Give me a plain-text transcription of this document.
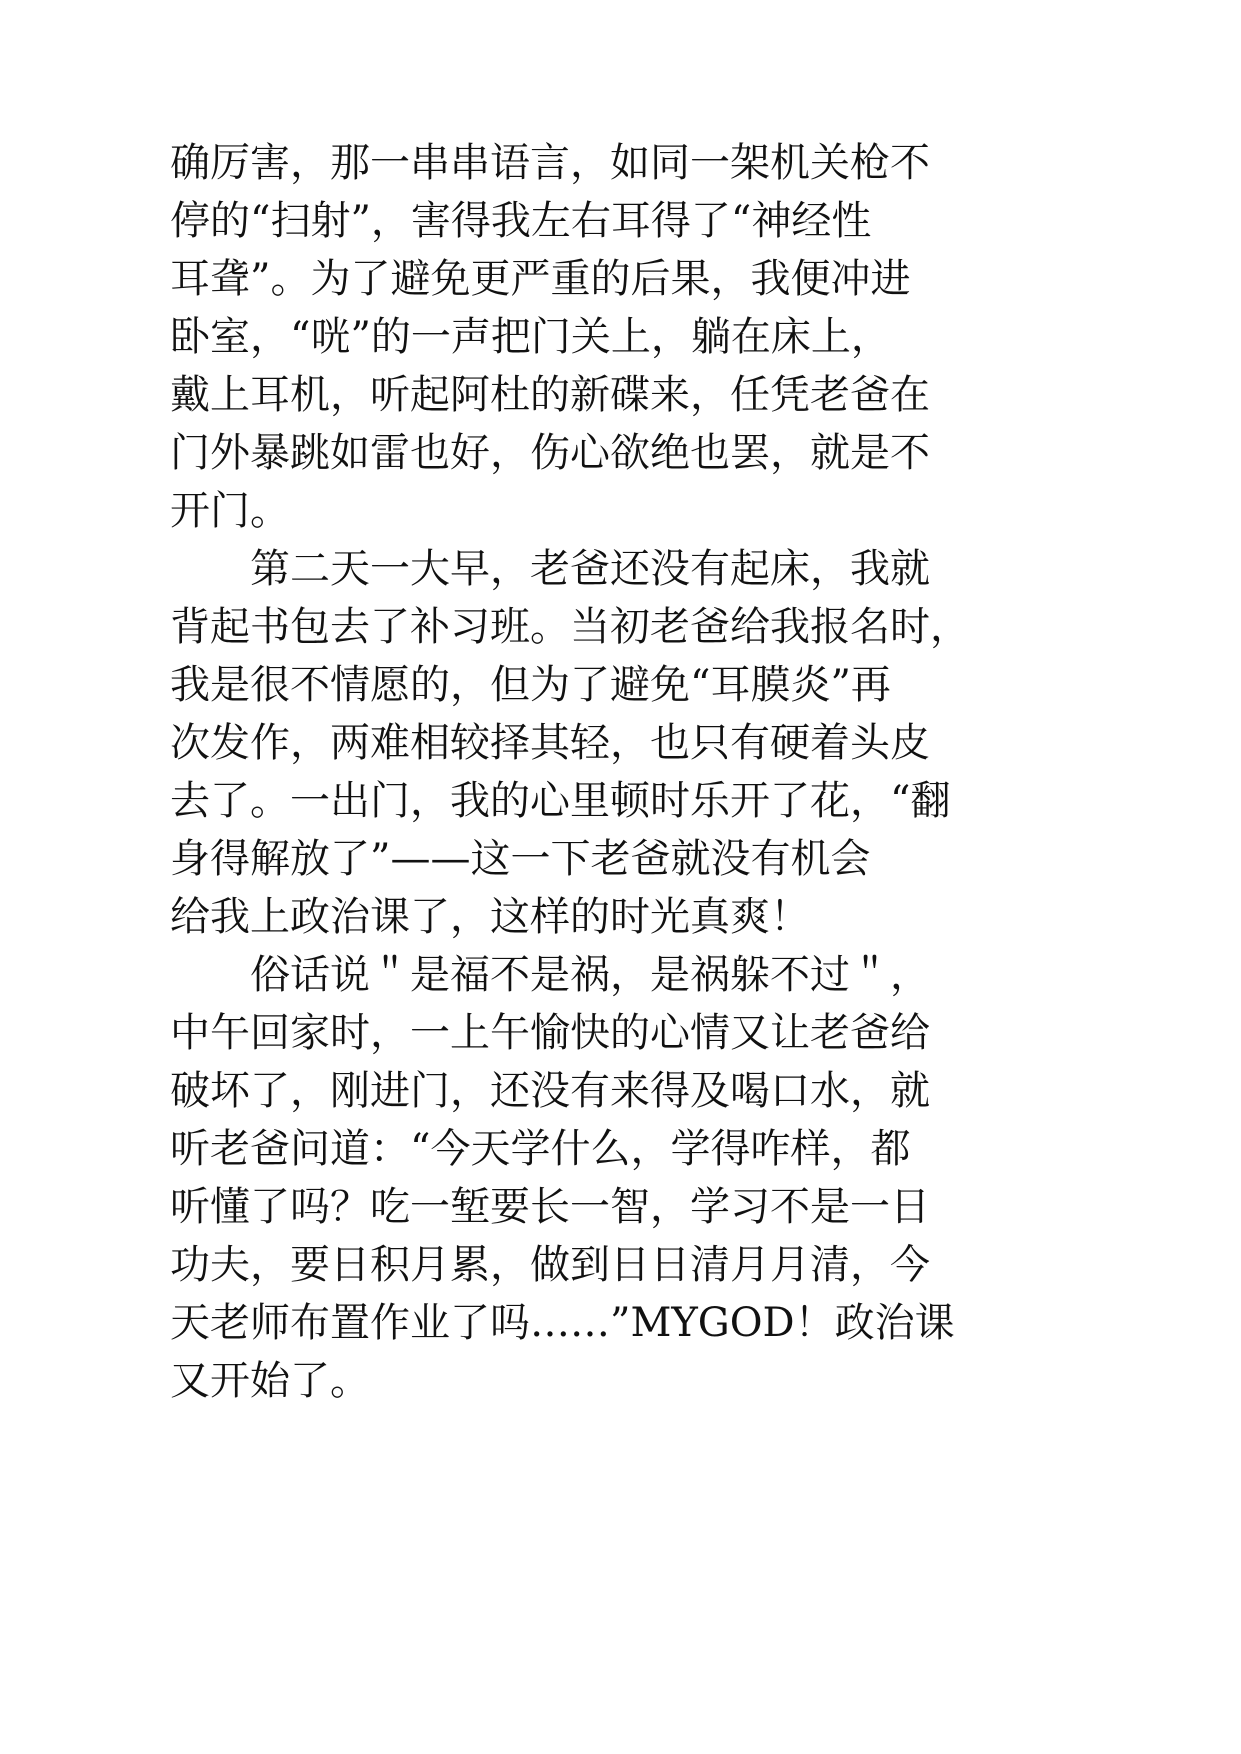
确厉害，那一串串语言，如同一架机关枪不
停的“扫射”，害得我左右耳得了“神经性
耳聋”。为了避免更严重的后果，我便冲进
卧室，“咣”的一声把门关上，躺在床上，
戴上耳机，听起阿杜的新碟来，任凭老爸在
门外暴跳如雷也好，伤心欲绝也罢，就是不
开门。
第二天一大早，老爸还没有起床，我就
背起书包去了补习班。当初老爸给我报名时，
我是很不情愿的，但为了避免“耳膜炎”再
次发作，两难相较择其轻，也只有硬着头皮
去了。一出门，我的心里顿时乐开了花，“翻
身得解放了”——这一下老爸就没有机会
给我上政治课了，这样的时光真爽！
俗话说＂是福不是祸，是祸躲不过＂，
中午回家时，一上午愉快的心情又让老爸给
破坏了，刚进门，还没有来得及喝口水，就
听老爸问道：“今天学什么，学得咋样，都
听懂了吗？吃一堑要长一智，学习不是一日
功夫，要日积月累，做到日日清月月清，今
天老师布置作业了吗……”MYGOD！政治课
又开始了。
